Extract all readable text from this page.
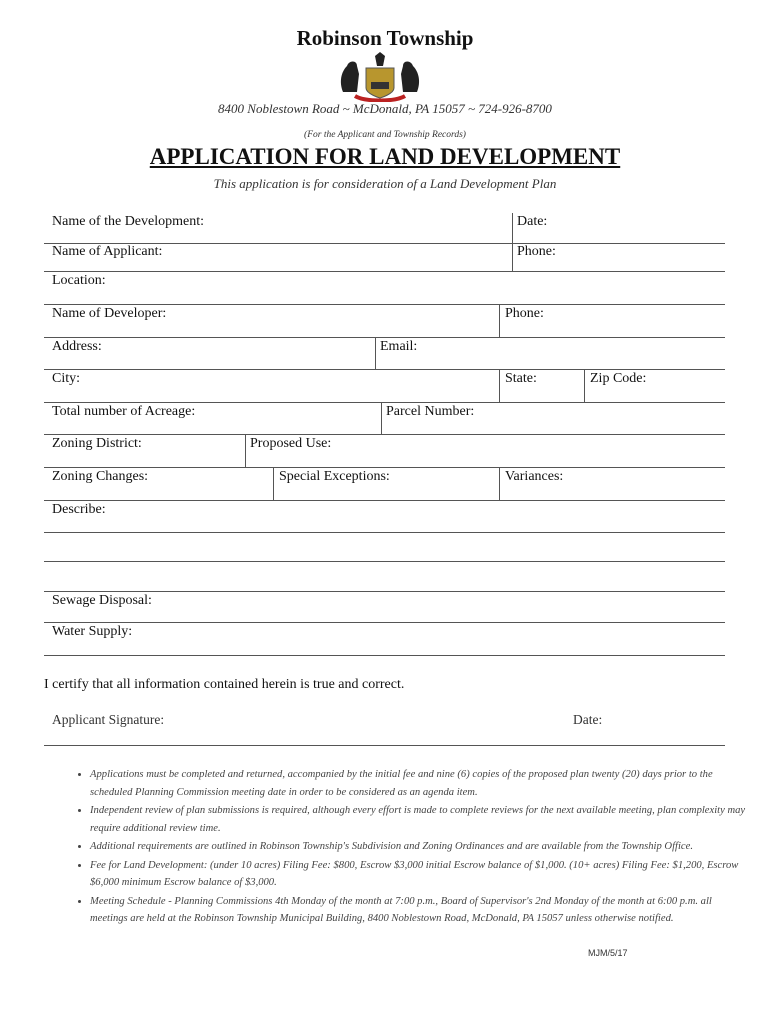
Robinson Township
8400 Noblestown Road ~ McDonald, PA 15057 ~ 724-926-8700
(For the Applicant and Township Records)
APPLICATION FOR LAND DEVELOPMENT
This application is for consideration of a Land Development Plan
Name of the Development:	Date:
Name of Applicant:	Phone:
Location:
Name of Developer:	Phone:
Address:	Email:
City:	State:	Zip Code:
Total number of Acreage:	Parcel Number:
Zoning District:	Proposed Use:
Zoning Changes:	Special Exceptions:	Variances:
Describe:
Sewage Disposal:
Water Supply:
I certify that all information contained herein is true and correct.
Applicant Signature:	Date:
• Applications must be completed and returned, accompanied by the initial fee and nine (6) copies of the proposed plan twenty (20) days prior to the scheduled Planning Commission meeting date in order to be considered as an agenda item.
• Independent review of plan submissions is required, although every effort is made to complete reviews for the next available meeting, plan complexity may require additional review time.
• Additional requirements are outlined in Robinson Township's Subdivision and Zoning Ordinances and are available from the Township Office.
• Fee for Land Development: (under 10 acres) Filing Fee: $800, Escrow $3,000 initial Escrow balance of $1,000. (10+ acres) Filing Fee: $1,200, Escrow $6,000 minimum Escrow balance of $3,000.
• Meeting Schedule - Planning Commissions 4th Monday of the month at 7:00 p.m., Board of Supervisor's 2nd Monday of the month at 6:00 p.m. all meetings are held at the Robinson Township Municipal Building, 8400 Noblestown Road, McDonald, PA 15057 unless otherwise notified.
MJM/5/17
